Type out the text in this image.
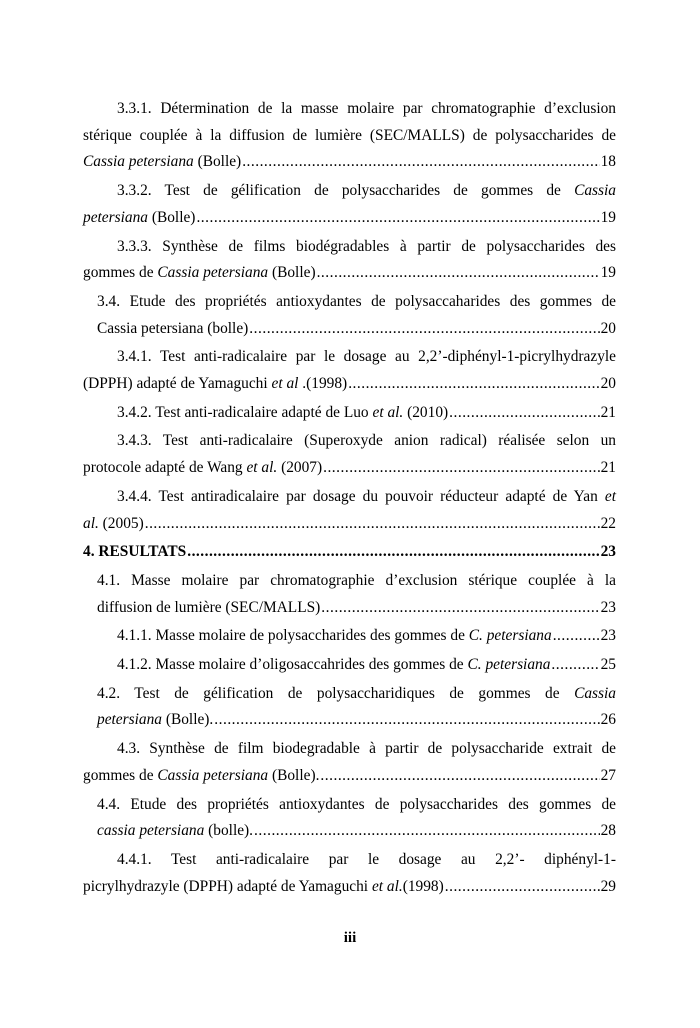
3.3.1. Détermination de la masse molaire par chromatographie d’exclusion stérique couplée à la diffusion de lumière (SEC/MALLS) de polysaccharides de
Cassia petersiana (Bolle) .....	18
3.3.2. Test de gélification de polysaccharides de gommes de Cassia
petersiana (Bolle) .....	19
3.3.3. Synthèse de films biodégradables à partir de polysaccharides des
gommes de Cassia petersiana (Bolle) .....	19
3.4. Etude des propriétés antioxydantes de polysaccaharides des gommes de
Cassia petersiana (bolle) .....	20
3.4.1. Test anti-radicalaire par le dosage au 2,2’-diphényl-1-picrylhydrazyle
(DPPH) adapté de Yamaguchi et al .(1998) .....	20
3.4.2. Test anti-radicalaire adapté de Luo et al. (2010) .....	21
3.4.3. Test anti-radicalaire (Superoxyde anion radical) réalisée selon un
protocole adapté de Wang et al. (2007) .....	21
3.4.4. Test antiradicalaire par dosage du pouvoir réducteur adapté de Yan et
al. (2005) .....	22
4. RESULTATS .....	23
4.1. Masse molaire par chromatographie d’exclusion stérique couplée à la
diffusion de lumière (SEC/MALLS) .....	23
4.1.1. Masse molaire de polysaccharides des gommes de C. petersiana .....	23
4.1.2. Masse molaire d’oligosaccahrides des gommes de C. petersiana .....	25
4.2. Test de gélification de polysaccharidiques de gommes de Cassia
petersiana (Bolle). .....	26
4.3. Synthèse de film biodegradable à partir de polysaccharide extrait de
gommes de Cassia petersiana (Bolle). .....	27
4.4. Etude des propriétés antioxydantes de polysaccharides des gommes de
cassia petersiana (bolle). .....	28
4.4.1. Test anti-radicalaire par le dosage au 2,2’- diphényl-1-
picrylhydrazyle (DPPH) adapté de Yamaguchi et al.(1998) .....	29
iii
